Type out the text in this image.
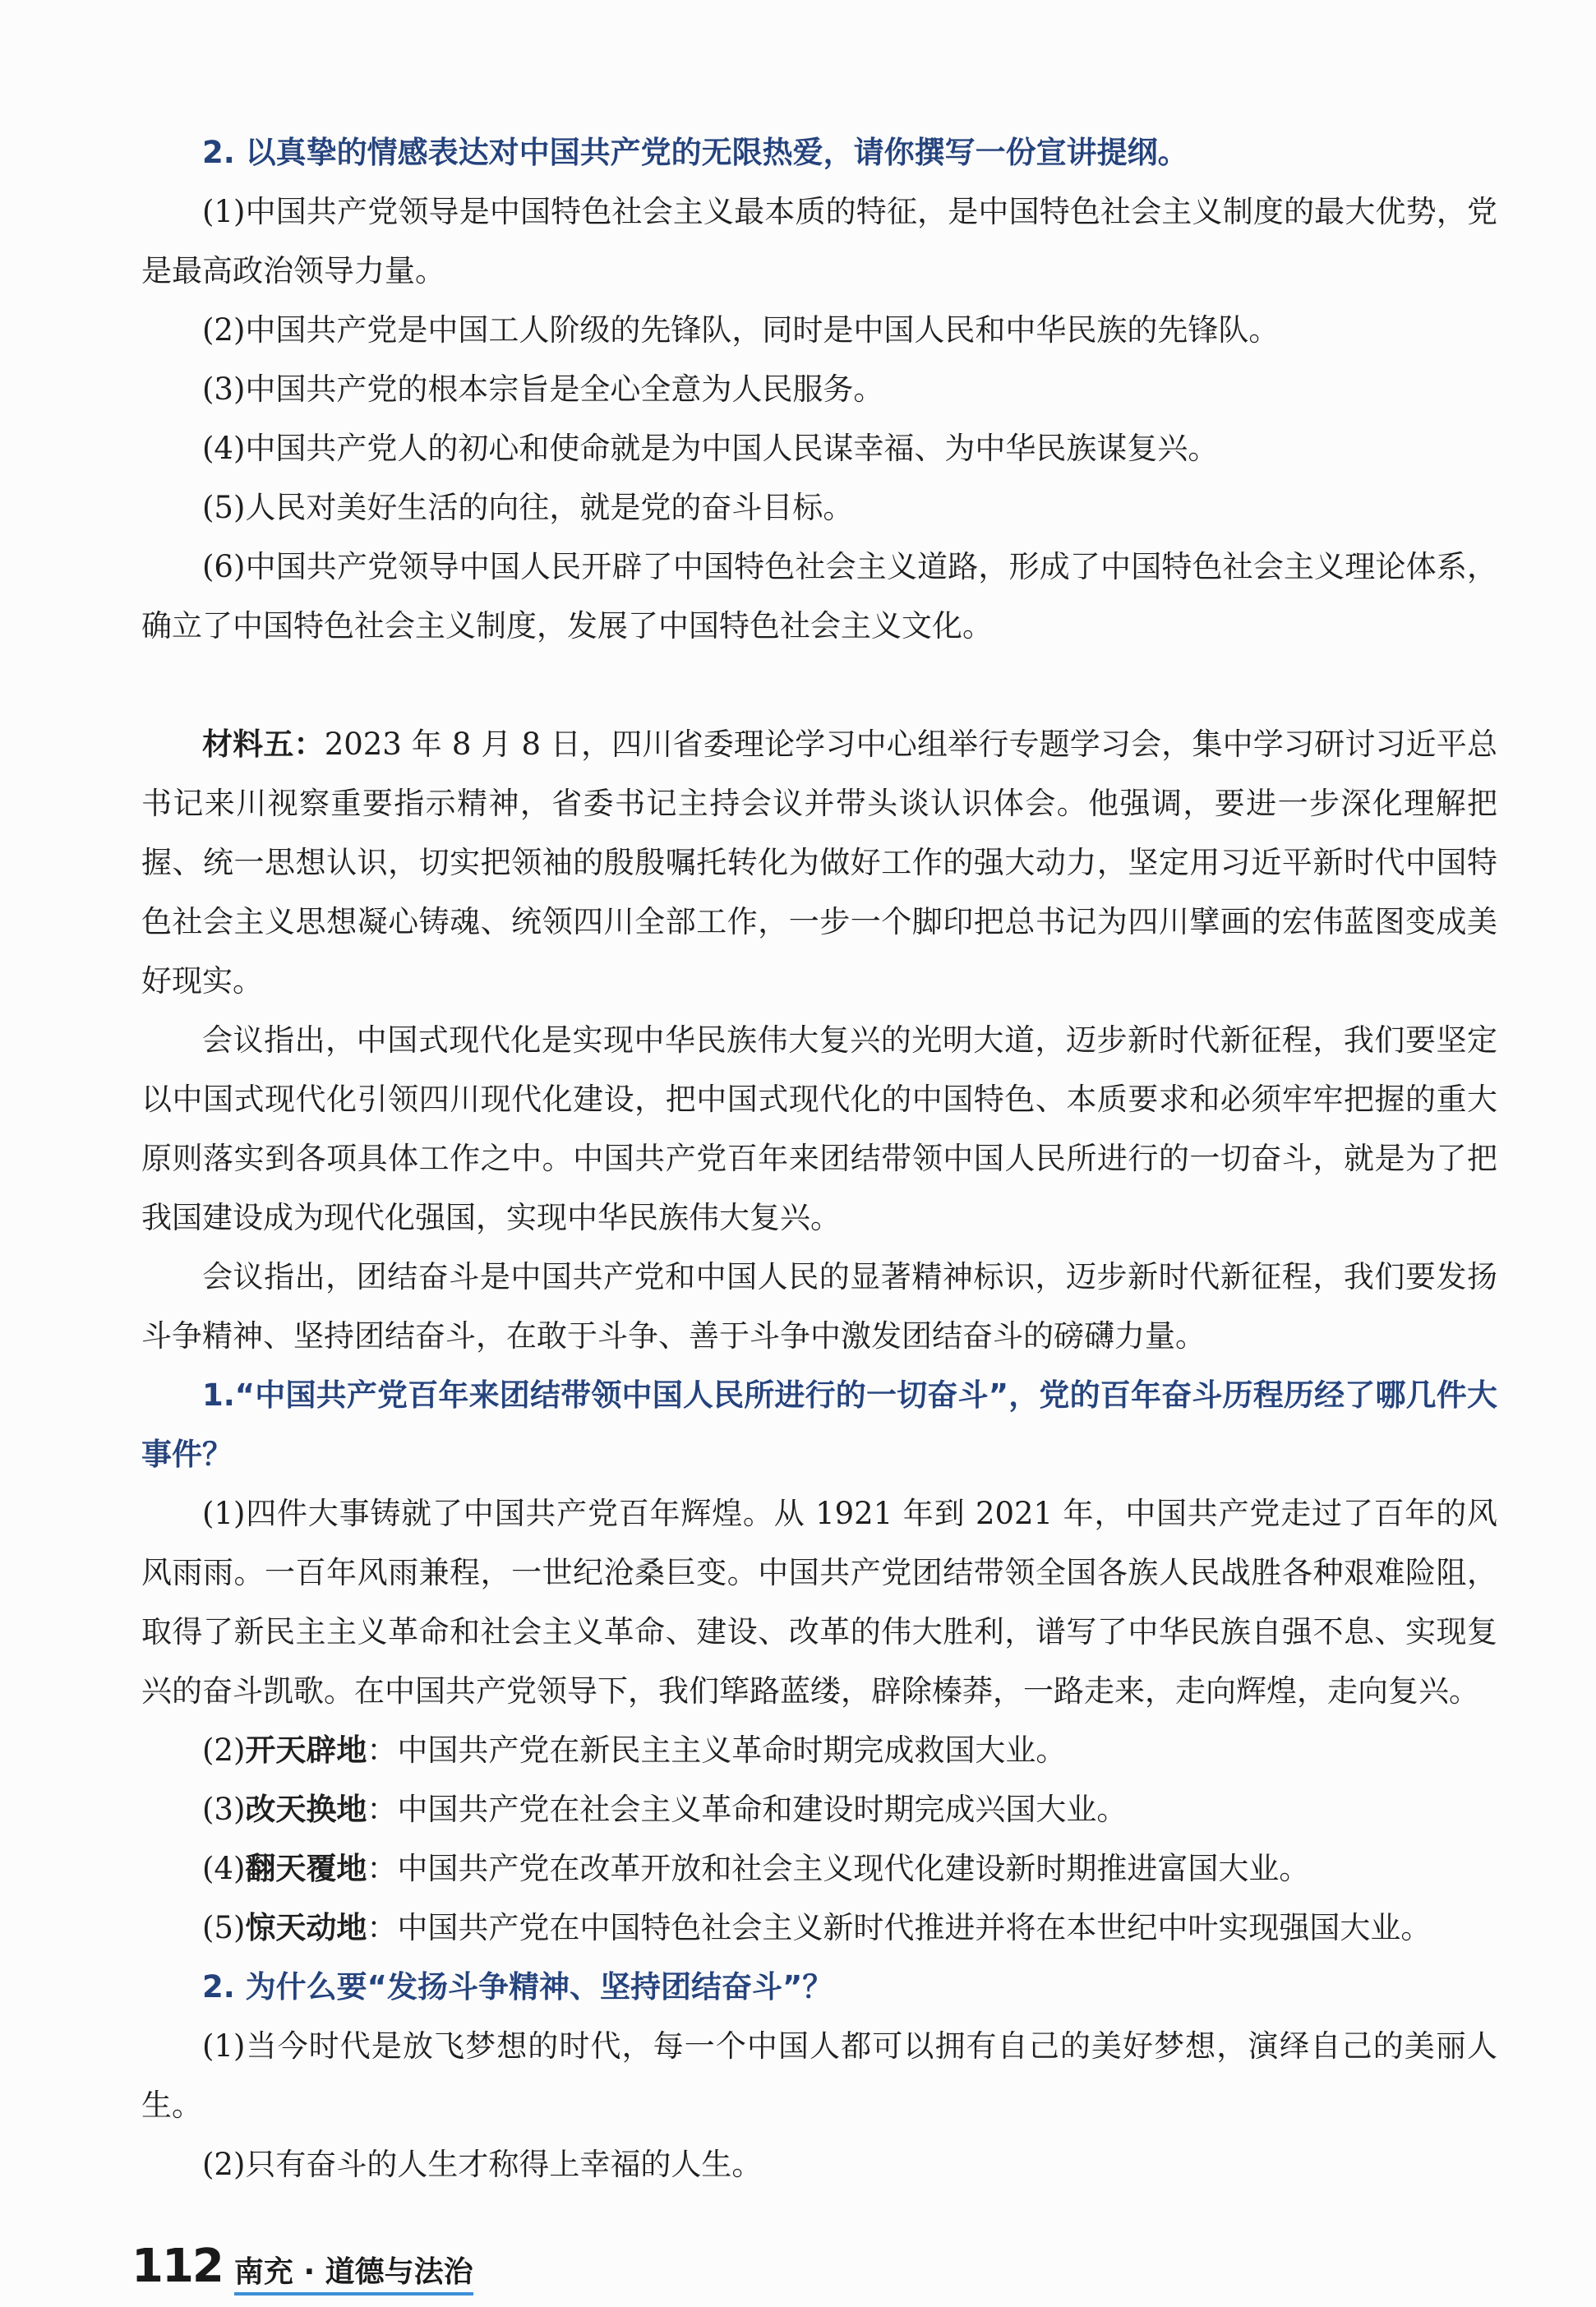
2. 以真挚的情感表达对中国共产党的无限热爱，请你撰写一份宣讲提纲。

(1)中国共产党领导是中国特色社会主义最本质的特征，是中国特色社会主义制度的最大优势，党是最高政治领导力量。

(2)中国共产党是中国工人阶级的先锋队，同时是中国人民和中华民族的先锋队。

(3)中国共产党的根本宗旨是全心全意为人民服务。

(4)中国共产党人的初心和使命就是为中国人民谋幸福、为中华民族谋复兴。

(5)人民对美好生活的向往，就是党的奋斗目标。

(6)中国共产党领导中国人民开辟了中国特色社会主义道路，形成了中国特色社会主义理论体系，确立了中国特色社会主义制度，发展了中国特色社会主义文化。

材料五：2023 年 8 月 8 日，四川省委理论学习中心组举行专题学习会，集中学习研讨习近平总书记来川视察重要指示精神，省委书记主持会议并带头谈认识体会。他强调，要进一步深化理解把握、统一思想认识，切实把领袖的殷殷嘱托转化为做好工作的强大动力，坚定用习近平新时代中国特色社会主义思想凝心铸魂、统领四川全部工作，一步一个脚印把总书记为四川擘画的宏伟蓝图变成美好现实。

会议指出，中国式现代化是实现中华民族伟大复兴的光明大道，迈步新时代新征程，我们要坚定以中国式现代化引领四川现代化建设，把中国式现代化的中国特色、本质要求和必须牢牢把握的重大原则落实到各项具体工作之中。中国共产党百年来团结带领中国人民所进行的一切奋斗，就是为了把我国建设成为现代化强国，实现中华民族伟大复兴。

会议指出，团结奋斗是中国共产党和中国人民的显著精神标识，迈步新时代新征程，我们要发扬斗争精神、坚持团结奋斗，在敢于斗争、善于斗争中激发团结奋斗的磅礴力量。

1.“中国共产党百年来团结带领中国人民所进行的一切奋斗”，党的百年奋斗历程历经了哪几件大事件？

(1)四件大事铸就了中国共产党百年辉煌。从 1921 年到 2021 年，中国共产党走过了百年的风风雨雨。一百年风雨兼程，一世纪沧桑巨变。中国共产党团结带领全国各族人民战胜各种艰难险阻，取得了新民主主义革命和社会主义革命、建设、改革的伟大胜利，谱写了中华民族自强不息、实现复兴的奋斗凯歌。在中国共产党领导下，我们筚路蓝缕，辟除榛莽，一路走来，走向辉煌，走向复兴。

(2)开天辟地：中国共产党在新民主主义革命时期完成救国大业。

(3)改天换地：中国共产党在社会主义革命和建设时期完成兴国大业。

(4)翻天覆地：中国共产党在改革开放和社会主义现代化建设新时期推进富国大业。

(5)惊天动地：中国共产党在中国特色社会主义新时代推进并将在本世纪中叶实现强国大业。

2. 为什么要“发扬斗争精神、坚持团结奋斗”？

(1)当今时代是放飞梦想的时代，每一个中国人都可以拥有自己的美好梦想，演绎自己的美丽人生。

(2)只有奋斗的人生才称得上幸福的人生。

112 南充 · 道德与法治
